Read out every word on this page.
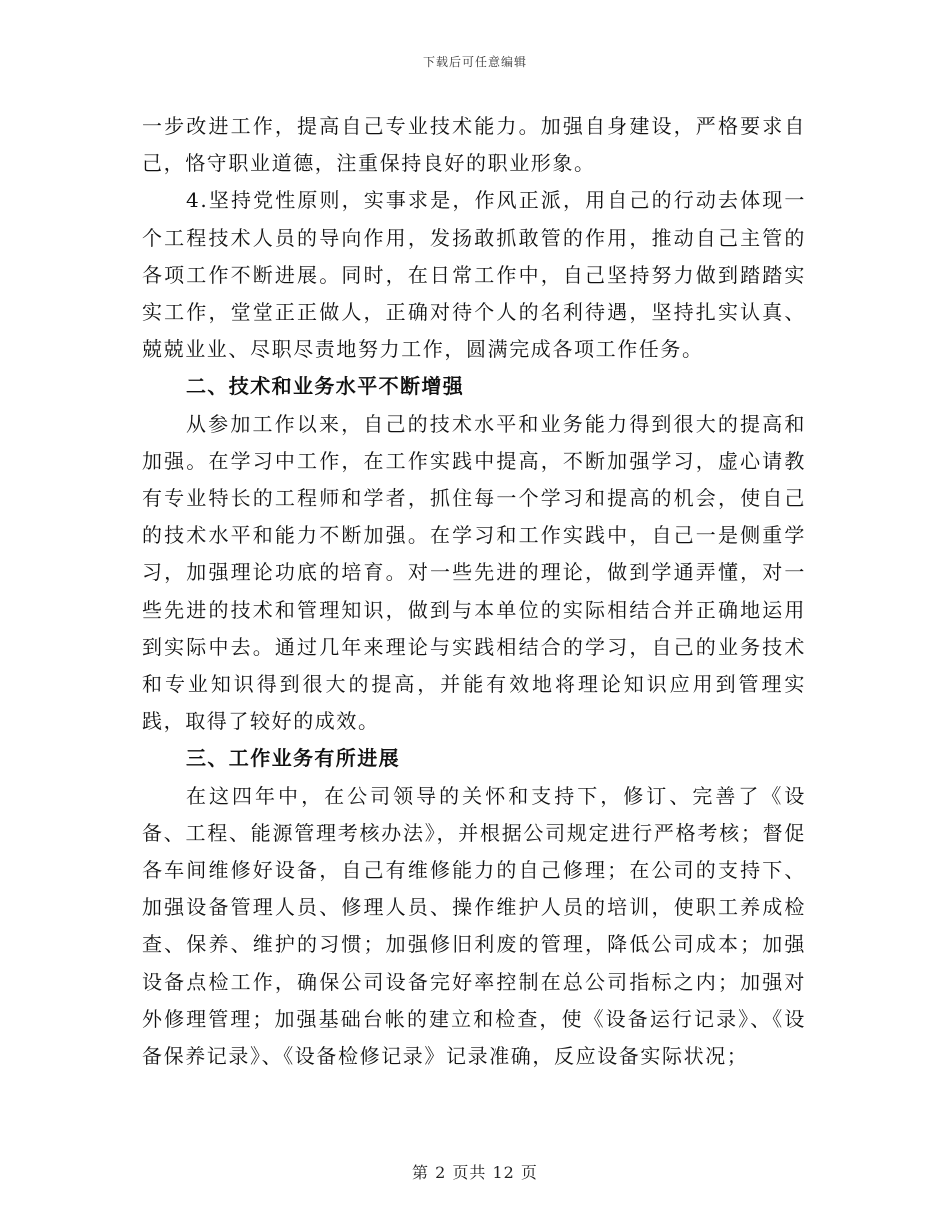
下载后可任意编辑

一步改进工作，提高自己专业技术能力。加强自身建设，严格要求自己，恪守职业道德，注重保持良好的职业形象。

4.坚持党性原则，实事求是，作风正派，用自己的行动去体现一个工程技术人员的导向作用，发扬敢抓敢管的作用，推动自己主管的各项工作不断进展。同时，在日常工作中，自己坚持努力做到踏踏实实工作，堂堂正正做人，正确对待个人的名利待遇，坚持扎实认真、兢兢业业、尽职尽责地努力工作，圆满完成各项工作任务。

二、技术和业务水平不断增强

从参加工作以来，自己的技术水平和业务能力得到很大的提高和加强。在学习中工作，在工作实践中提高，不断加强学习，虚心请教有专业特长的工程师和学者，抓住每一个学习和提高的机会，使自己的技术水平和能力不断加强。在学习和工作实践中，自己一是侧重学习，加强理论功底的培育。对一些先进的理论，做到学通弄懂，对一些先进的技术和管理知识，做到与本单位的实际相结合并正确地运用到实际中去。通过几年来理论与实践相结合的学习，自己的业务技术和专业知识得到很大的提高，并能有效地将理论知识应用到管理实践，取得了较好的成效。

三、工作业务有所进展

在这四年中，在公司领导的关怀和支持下，修订、完善了《设备、工程、能源管理考核办法》，并根据公司规定进行严格考核；督促各车间维修好设备，自己有维修能力的自己修理；在公司的支持下、加强设备管理人员、修理人员、操作维护人员的培训，使职工养成检查、保养、维护的习惯；加强修旧利废的管理，降低公司成本；加强设备点检工作，确保公司设备完好率控制在总公司指标之内；加强对外修理管理；加强基础台帐的建立和检查，使《设备运行记录》、《设备保养记录》、《设备检修记录》记录准确，反应设备实际状况；

第 2 页共 12 页
